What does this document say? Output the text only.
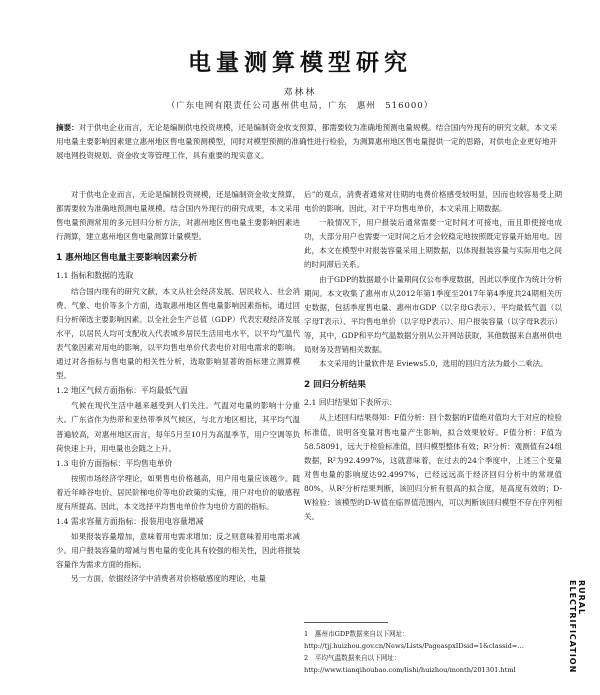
电量测算模型研究
邓林林
（广东电网有限责任公司惠州供电局，广东　惠州　516000）
摘要：对于供电企业而言，无论是编制供电投资规模，还是编制资金收支预算，都需要较为准确地预测电量规模。结合国内外现有的研究文献，本文采用电量主要影响因素建立惠州地区售电量预测模型，同时对模型预测的准确性进行检验，为测算惠州地区售电量提供一定的思路，对供电企业更好地开展电网投资规划、资金收支等管理工作，具有重要的现实意义。

对于供电企业而言，无论是编制投资规模，还是编制资金收支预算，都需要较为准确地预测电量规模。结合国内外现行的研究成果，本文采用售电量预测常用的多元回归分析方法，对惠州地区售电量主要影响因素进行测算，建立惠州地区售电量测算计量模型。

1 惠州地区售电量主要影响因素分析
1.1 指标和数据的选取

结合国内现有的研究文献，本文从社会经济发展、居民收入、社会消费、气象、电价等多个方面，选取惠州地区售电量影响因素指标，通过回归分析筛选主要影响因素。以全社会生产总值（GDP）代表宏观经济发展水平，以居民人均可支配收入代表城乡居民生活用电水平，以平均气温代表气象因素对用电的影响，以平均售电单价代表电价对用电需求的影响。通过对各指标与售电量的相关性分析，选取影响显著的指标建立测算模型。

1.2 地区气候方面指标：平均最低气温

气候在现代生活中越来越受到人们关注。气温对电量的影响十分重大。广东省作为热带和亚热带季风气候区，与北方地区相比，其平均气温普遍较高，对惠州地区而言，每年5月至10月为高温季节，用户空调等负荷快速上升，用电量也会随之上升。

1.3 电价方面指标：平均售电单价

按照市场经济学理论，如果售电价格越高，用户用电量应该越少。随着近年峰谷电价、居民阶梯电价等电价政策的实施，用户对电价的敏感程度有所提高。因此，本文选择平均售电单价作为电价方面的指标。

1.4 需求容量方面指标：报装用电容量增减

如果报装容量增加，意味着用电需求增加；反之则意味着用电需求减少。用户报装容量的增减与售电量的变化具有较强的相关性，因此将报装容量作为需求方面的指标。

另一方面，依据经济学中消费者对价格敏感度的理论，电量

后”的观点，消费者通常对往期的电费价格感受较明显，因而也较容易受上期电价的影响。因此，对于平均售电单价，本文采用上期数据。

一般情况下，用户报装后通常需要一定时间才可接电，而且即使接电成功，大部分用户也需要一定时间之后才会较稳定地按照既定容量开始用电。因此，本文在模型中对报装容量采用上期数据，以体现报装容量与实际用电之间的时间滞后关系。

由于GDP的数据最小计量期间仅公布季度数据，因此以季度作为统计分析期间。本文收集了惠州市从2012年第1季度至2017年第4季度共24期相关历史数据，包括季度售电量、惠州市GDP（以字母G表示）、平均最低气温（以字母T表示）、平均售电单价（以字母P表示）、用户报装容量（以字母R表示）等，其中，GDP和平均气温数据分别从公开网站获取，其他数据来自惠州供电局财务及营销相关数据。

本文采用的计量软件是 Eviews5.0，选用的回归方法为最小二乘法。

2 回归分析结果
2.1 回归结果如下表所示：

从上述回归结果得知：F值分析：回个数据的F值绝对值均大于对应的检验标准值，说明各变量对售电量产生影响，拟合效果较好。F值分析：F值为58.58091，远大于检验标准值，回归模型整体有效；R²分析：观测值有24组数据，R²为92.4997%，这就意味着，在过去的24个季度中，上述三个变量对售电量的影响度达92.4997%，已经远远高于经济回归分析中的常规值80%，从R²分析结果判断，该回归分析有很高的拟合度，是高度有效的；D-W检验：该模型的D-W值在临界值范围内，可以判断该回归模型不存在序列相关。

1　惠州市GDP数据来自以下网址：http://tjj.huizhou.gov.cn/News/Lists/PageaspxIDsid=1&classid=…
2　平均气温数据来自以下网址：http://www.tianqihoubao.com/lishi/huizhou/month/201301.html
RURAL ELECTRIFICATION
